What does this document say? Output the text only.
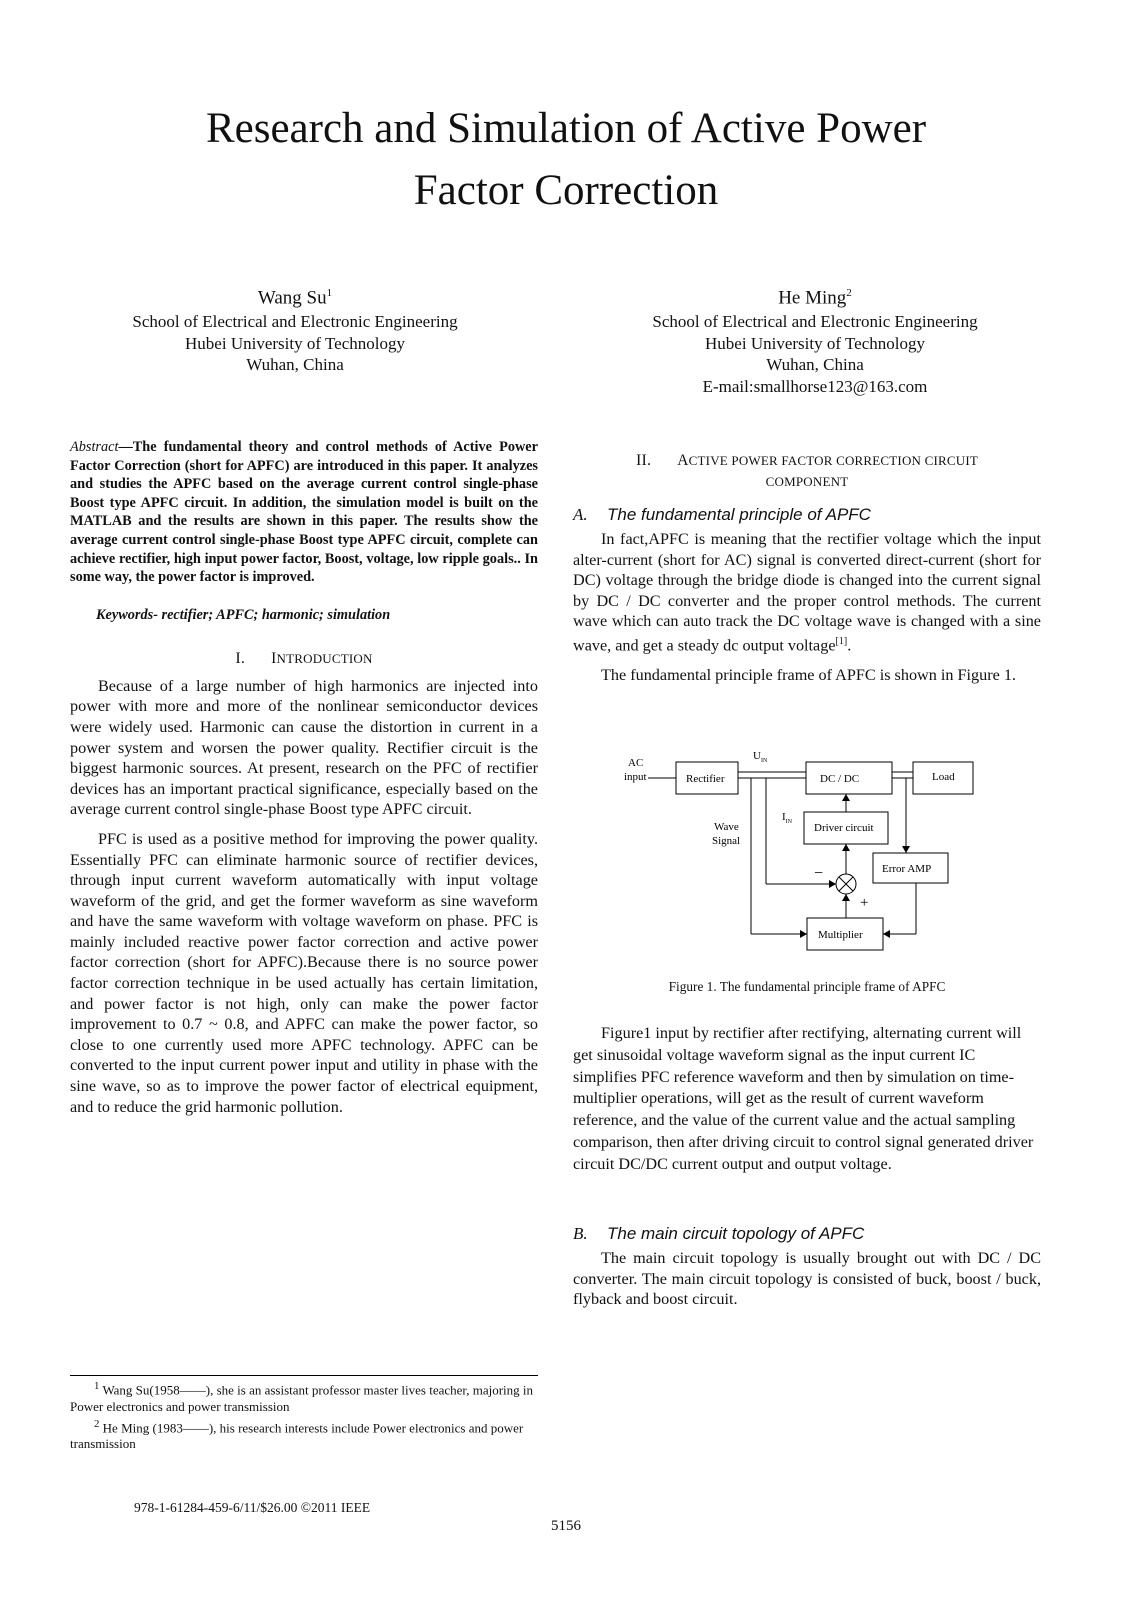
Research and Simulation of Active Power
Factor Correction
Wang Su$^1$
School of Electrical and Electronic Engineering
Hubei University of Technology
Wuhan, China
He Ming$^2$
School of Electrical and Electronic Engineering
Hubei University of Technology
Wuhan, China
E-mail:smallhorse123@163.com
Abstract—The fundamental theory and control methods of Active Power Factor Correction (short for APFC) are introduced in this paper. It analyzes and studies the APFC based on the average current control single-phase Boost type APFC circuit. In addition, the simulation model is built on the MATLAB and the results are shown in this paper. The results show the average current control single-phase Boost type APFC circuit, complete can achieve rectifier, high input power factor, Boost, voltage, low ripple goals.. In some way, the power factor is improved.
Keywords- rectifier; APFC; harmonic; simulation
I. INTRODUCTION

Because of a large number of high harmonics are injected into power with more and more of the nonlinear semiconductor devices were widely used. Harmonic can cause the distortion in current in a power system and worsen the power quality. Rectifier circuit is the biggest harmonic sources. At present, research on the PFC of rectifier devices has an important practical significance, especially based on the average current control single-phase Boost type APFC circuit.

PFC is used as a positive method for improving the power quality. Essentially PFC can eliminate harmonic source of rectifier devices, through input current waveform automatically with input voltage waveform of the grid, and get the former waveform as sine waveform and have the same waveform with voltage waveform on phase. PFC is mainly included reactive power factor correction and active power factor correction (short for APFC).Because there is no source power factor correction technique in be used actually has certain limitation, and power factor is not high, only can make the power factor improvement to 0.7 ~ 0.8, and APFC can make the power factor, so close to one currently used more APFC technology. APFC can be converted to the input current power input and utility in phase with the sine wave, so as to improve the power factor of electrical equipment, and to reduce the grid harmonic pollution.

$^1$ Wang Su(1958——), she is an assistant professor master lives teacher, majoring in Power electronics and power transmission
$^2$ He Ming (1983——), his research interests include Power electronics and power transmission
II. ACTIVE POWER FACTOR CORRECTION CIRCUIT
COMPONENT
A. The fundamental principle of APFC

In fact,APFC is meaning that the rectifier voltage which the input alter-current (short for AC) signal is converted direct-current (short for DC) voltage through the bridge diode is changed into the current signal by DC / DC converter and the proper control methods. The current wave which can auto track the DC voltage wave is changed with a sine wave, and get a steady dc output voltage[1].

The fundamental principle frame of APFC is shown in Figure 1.

AC
input	Rectifier
$U_{IN}$
DC / DC	Load
$I_{IN}$ Driver circuit
Wave
Signal
Error AMP
Multiplier
−
+
Figure 1. The fundamental principle frame of APFC

Figure1 input by rectifier after rectifying, alternating current will get sinusoidal voltage waveform signal as the input current IC simplifies PFC reference waveform and then by simulation on time-multiplier operations, will get as the result of current waveform reference, and the value of the current value and the actual sampling comparison, then after driving circuit to control signal generated driver circuit DC/DC current output and output voltage.

B. The main circuit topology of APFC

The main circuit topology is usually brought out with DC / DC converter. The main circuit topology is consisted of buck, boost / buck, flyback and boost circuit.

978-1-61284-459-6/11/$26.00 ©2011 IEEE
5156
